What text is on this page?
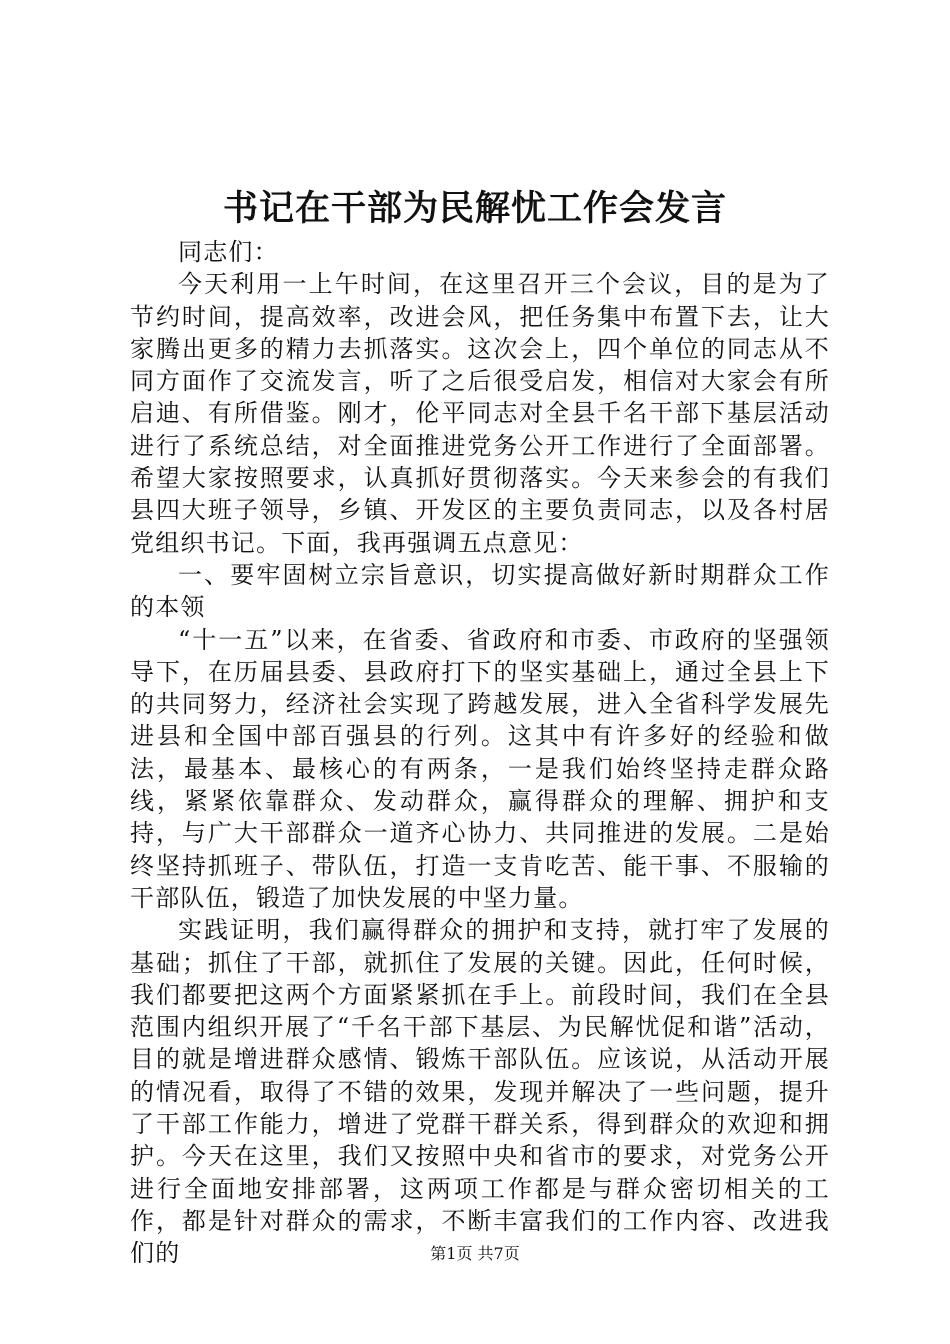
书记在干部为民解忧工作会发言

同志们：

今天利用一上午时间，在这里召开三个会议，目的是为了节约时间，提高效率，改进会风，把任务集中布置下去，让大家腾出更多的精力去抓落实。这次会上，四个单位的同志从不同方面作了交流发言，听了之后很受启发，相信对大家会有所启迪、有所借鉴。刚才，伦平同志对全县千名干部下基层活动进行了系统总结，对全面推进党务公开工作进行了全面部署。希望大家按照要求，认真抓好贯彻落实。今天来参会的有我们县四大班子领导，乡镇、开发区的主要负责同志，以及各村居党组织书记。下面，我再强调五点意见：

一、要牢固树立宗旨意识，切实提高做好新时期群众工作的本领

“十一五”以来，在省委、省政府和市委、市政府的坚强领导下，在历届县委、县政府打下的坚实基础上，通过全县上下的共同努力，经济社会实现了跨越发展，进入全省科学发展先进县和全国中部百强县的行列。这其中有许多好的经验和做法，最基本、最核心的有两条，一是我们始终坚持走群众路线，紧紧依靠群众、发动群众，赢得群众的理解、拥护和支持，与广大干部群众一道齐心协力、共同推进的发展。二是始终坚持抓班子、带队伍，打造一支肯吃苦、能干事、不服输的干部队伍，锻造了加快发展的中坚力量。

实践证明，我们赢得群众的拥护和支持，就打牢了发展的基础；抓住了干部，就抓住了发展的关键。因此，任何时候，我们都要把这两个方面紧紧抓在手上。前段时间，我们在全县范围内组织开展了“千名干部下基层、为民解忧促和谐”活动，目的就是增进群众感情、锻炼干部队伍。应该说，从活动开展的情况看，取得了不错的效果，发现并解决了一些问题，提升了干部工作能力，增进了党群干群关系，得到群众的欢迎和拥护。今天在这里，我们又按照中央和省市的要求，对党务公开进行全面地安排部署，这两项工作都是与群众密切相关的工作，都是针对群众的需求，不断丰富我们的工作内容、改进我们的	第1页 共7页
